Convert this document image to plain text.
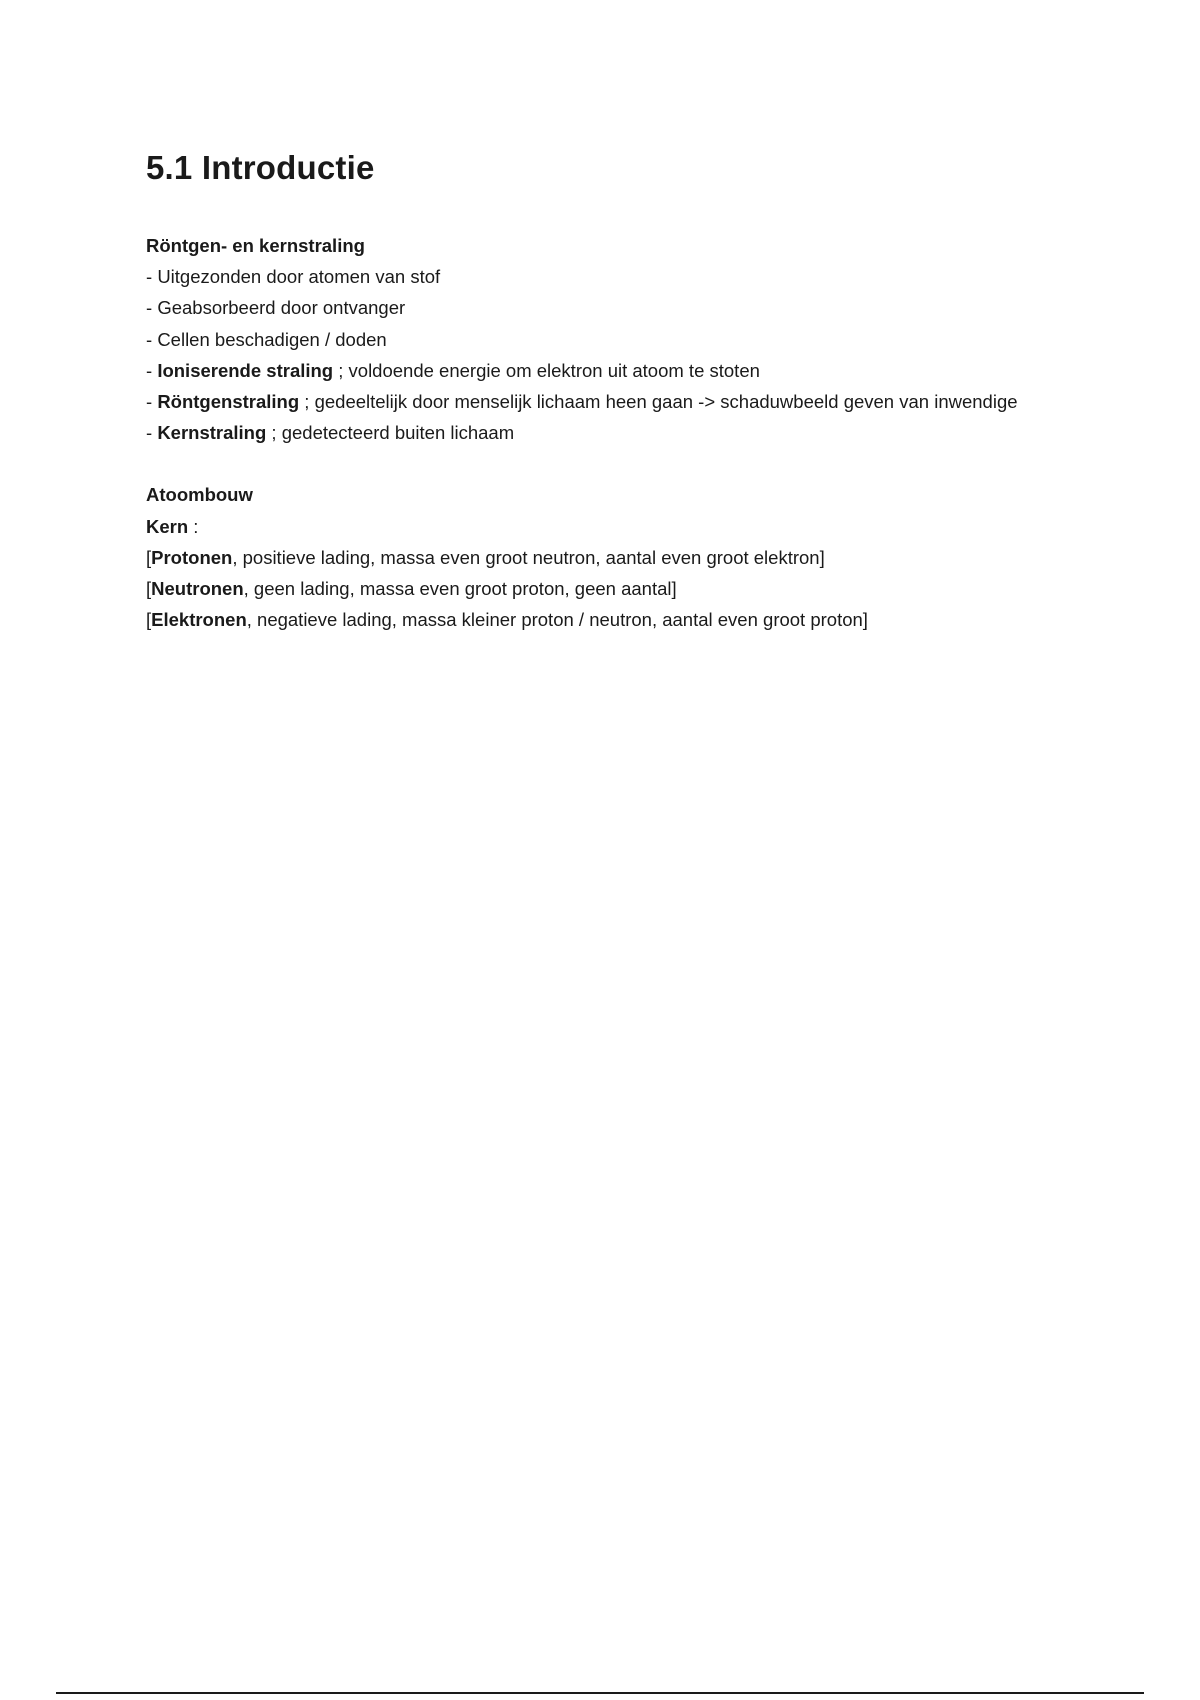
5.1 Introductie
Röntgen- en kernstraling
- Uitgezonden door atomen van stof
- Geabsorbeerd door ontvanger
- Cellen beschadigen / doden
- Ioniserende straling ; voldoende energie om elektron uit atoom te stoten
- Röntgenstraling ; gedeeltelijk door menselijk lichaam heen gaan -> schaduwbeeld geven van inwendige
- Kernstraling ; gedetecteerd buiten lichaam
Atoombouw
Kern :
[Protonen, positieve lading, massa even groot neutron, aantal even groot elektron]
[Neutronen, geen lading, massa even groot proton, geen aantal]
[Elektronen, negatieve lading, massa kleiner proton / neutron, aantal even groot proton]
